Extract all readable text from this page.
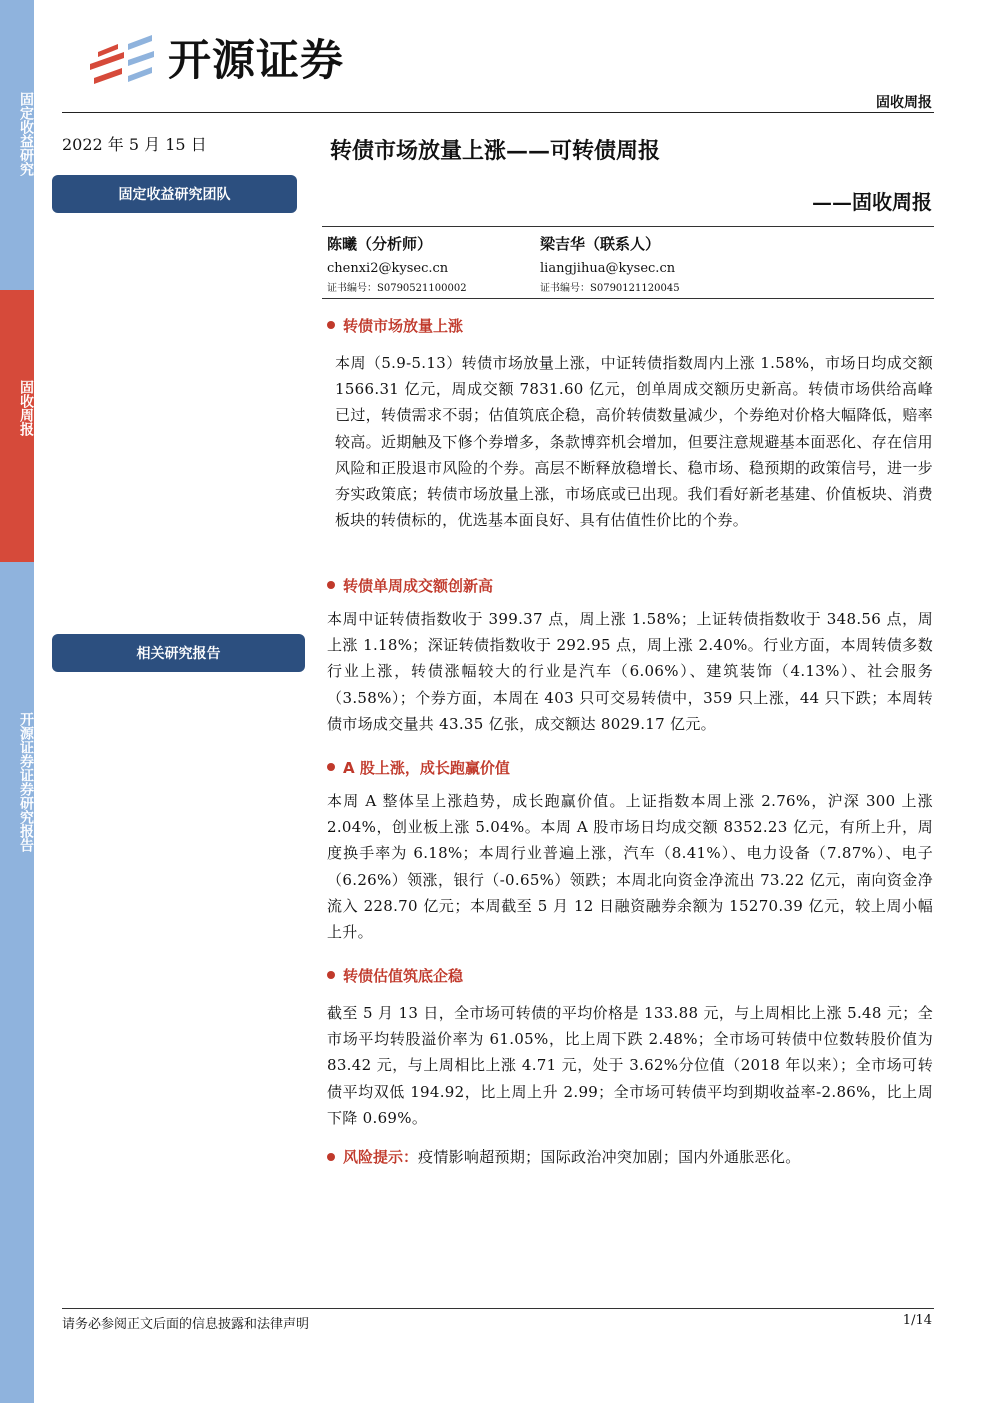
固定收益研究
固收周报
开源证券证券研究报告
开源证券
固收周报
2022 年 5 月 15 日
固定收益研究团队
相关研究报告
转债市场放量上涨——可转债周报
——固收周报
陈曦（分析师）
chenxi2@kysec.cn
证书编号：S0790521100002
梁吉华（联系人）
liangjihua@kysec.cn
证书编号：S0790121120045
转债市场放量上涨
本周（5.9-5.13）转债市场放量上涨，中证转债指数周内上涨 1.58%，市场日均成交额 1566.31 亿元，周成交额 7831.60 亿元，创单周成交额历史新高。转债市场供给高峰已过，转债需求不弱；估值筑底企稳，高价转债数量减少，个券绝对价格大幅降低，赔率较高。近期触及下修个券增多，条款博弈机会增加，但要注意规避基本面恶化、存在信用风险和正股退市风险的个券。高层不断释放稳增长、稳市场、稳预期的政策信号，进一步夯实政策底；转债市场放量上涨，市场底或已出现。我们看好新老基建、价值板块、消费板块的转债标的，优选基本面良好、具有估值性价比的个券。
转债单周成交额创新高
本周中证转债指数收于 399.37 点，周上涨 1.58%；上证转债指数收于 348.56 点，周上涨 1.18%；深证转债指数收于 292.95 点，周上涨 2.40%。行业方面，本周转债多数行业上涨，转债涨幅较大的行业是汽车（6.06%）、建筑装饰（4.13%）、社会服务（3.58%）；个券方面，本周在 403 只可交易转债中，359 只上涨，44 只下跌；本周转债市场成交量共 43.35 亿张，成交额达 8029.17 亿元。
A 股上涨，成长跑赢价值
本周 A 整体呈上涨趋势，成长跑赢价值。上证指数本周上涨 2.76%，沪深 300 上涨 2.04%，创业板上涨 5.04%。本周 A 股市场日均成交额 8352.23 亿元，有所上升，周度换手率为 6.18%；本周行业普遍上涨，汽车（8.41%）、电力设备（7.87%）、电子（6.26%）领涨，银行（-0.65%）领跌；本周北向资金净流出 73.22 亿元，南向资金净流入 228.70 亿元；本周截至 5 月 12 日融资融券余额为 15270.39 亿元，较上周小幅上升。
转债估值筑底企稳
截至 5 月 13 日，全市场可转债的平均价格是 133.88 元，与上周相比上涨 5.48 元；全市场平均转股溢价率为 61.05%，比上周下跌 2.48%；全市场可转债中位数转股价值为 83.42 元，与上周相比上涨 4.71 元，处于 3.62%分位值（2018 年以来）；全市场可转债平均双低 194.92，比上周上升 2.99；全市场可转债平均到期收益率-2.86%，比上周下降 0.69%。
风险提示： 疫情影响超预期；国际政治冲突加剧；国内外通胀恶化。
请务必参阅正文后面的信息披露和法律声明	1/14
